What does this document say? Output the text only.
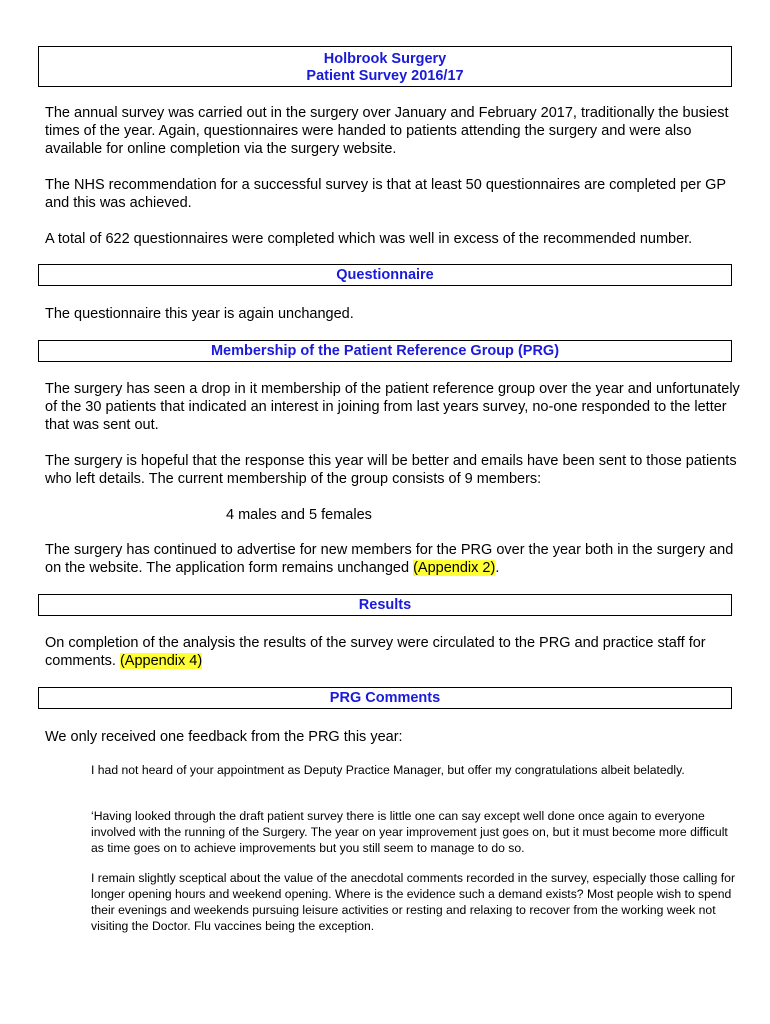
Holbrook Surgery
Patient Survey 2016/17

The annual survey was carried out in the surgery over January and February 2017, traditionally the busiest times of the year. Again, questionnaires were handed to patients attending the surgery and were also available for online completion via the surgery website.

The NHS recommendation for a successful survey is that at least 50 questionnaires are completed per GP and this was achieved.

A total of 622 questionnaires were completed which was well in excess of the recommended number.

Questionnaire

The questionnaire this year is again unchanged.

Membership of the Patient Reference Group (PRG)

The surgery has seen a drop in it membership of the patient reference group over the year and unfortunately of the 30 patients that indicated an interest in joining from last years survey, no-one responded to the letter that was sent out.

The surgery is hopeful that the response this year will be better and emails have been sent to those patients who left details. The current membership of the group consists of 9 members:

4 males and 5 females

The surgery has continued to advertise for new members for the PRG over the year both in the surgery and on the website. The application form remains unchanged (Appendix 2).

Results

On completion of the analysis the results of the survey were circulated to the PRG and practice staff for comments. (Appendix 4)

PRG Comments

We only received one feedback from the PRG this year:

I had not heard of your appointment as Deputy Practice Manager, but offer my congratulations albeit belatedly.

‘Having looked through the draft patient survey there is little one can say except well done once again to everyone involved with the running of the Surgery. The year on year improvement just goes on, but it must become more difficult as time goes on to achieve improvements but you still seem to manage to do so.

I remain slightly sceptical about the value of the anecdotal comments recorded in the survey, especially those calling for longer opening hours and weekend opening. Where is the evidence such a demand exists? Most people wish to spend their evenings and weekends pursuing leisure activities or resting and relaxing to recover from the working week not visiting the Doctor. Flu vaccines being the exception.
